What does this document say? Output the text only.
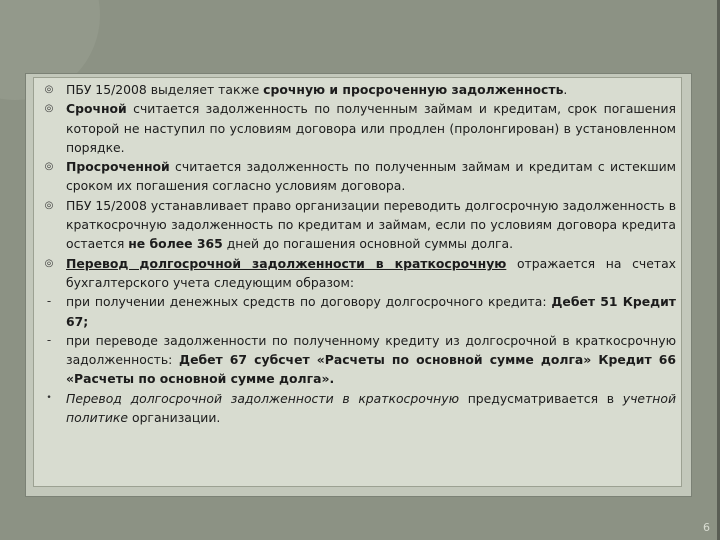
◎ ПБУ 15/2008 выделяет также срочную и просроченную задолженность.
◎ Срочной считается задолженность по полученным займам и кредитам, срок погашения которой не наступил по условиям договора или продлен (пролонгирован) в установленном порядке.
◎ Просроченной считается задолженность по полученным займам и кредитам с истекшим сроком их погашения согласно условиям договора.
◎ ПБУ 15/2008 устанавливает право организации переводить долгосрочную задолженность в краткосрочную задолженность по кредитам и займам, если по условиям договора кредита остается не более 365 дней до погашения основной суммы долга.
◎ Перевод долгосрочной задолженности в краткосрочную отражается на счетах бухгалтерского учета следующим образом:
-	при получении денежных средств по договору долгосрочного кредита: Дебет 51 Кредит 67;
-	при переводе задолженности по полученному кредиту из долгосрочной в краткосрочную задолженность: Дебет 67 субсчет «Расчеты по основной сумме долга» Кредит 66 «Расчеты по основной сумме долга».
•	Перевод долгосрочной задолженности в краткосрочную предусматривается в учетной политике организации.
6
